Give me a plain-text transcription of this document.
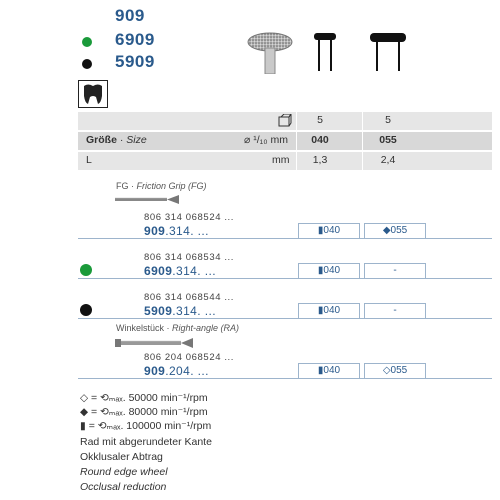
909
6909
5909
5	5
Größe · Size	⌀ ¹/₁₀ mm	040	055
L	mm	1,3	2,4
FG · Friction Grip (FG)
806 314 068524 ...
909.314. ...	▮040	◆055
806 314 068534 ...
6909.314. ...	▮040	-
806 314 068544 ...
5909.314. ...	▮040	-
Winkelstück · Right-angle (RA)
806 204 068524 ...
909.204. ...	▮040	◇055
◇ = ⟲ₘₐₓ. 50000 min⁻¹/rpm
◆ = ⟲ₘₐₓ. 80000 min⁻¹/rpm
▮ = ⟲ₘₐₓ. 100000 min⁻¹/rpm
Rad mit abgerundeter Kante
Okklusaler Abtrag
Round edge wheel
Occlusal reduction
